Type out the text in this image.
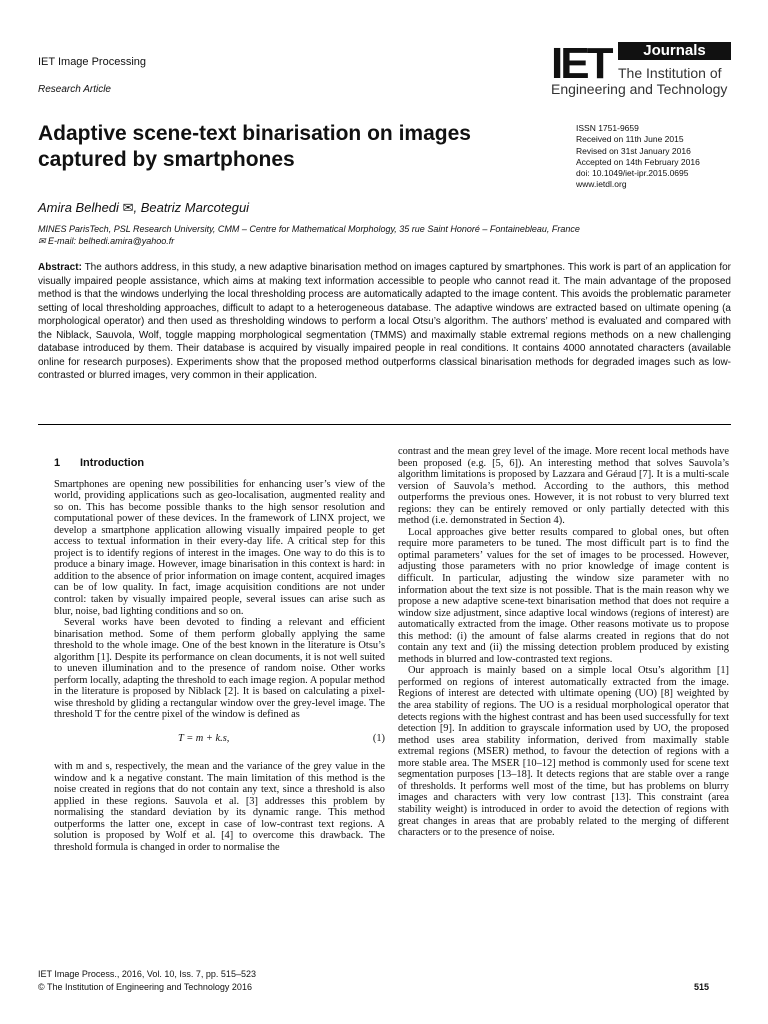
IET Image Processing
Research Article
IET	Journals
The Institution of
Engineering and Technology
Adaptive scene-text binarisation on images captured by smartphones
ISSN 1751-9659
Received on 11th June 2015
Revised on 31st January 2016
Accepted on 14th February 2016
doi: 10.1049/iet-ipr.2015.0695
www.ietdl.org
Amira Belhedi ✉, Beatriz Marcotegui
MINES ParisTech, PSL Research University, CMM – Centre for Mathematical Morphology, 35 rue Saint Honoré – Fontainebleau, France
✉ E-mail: belhedi.amira@yahoo.fr
Abstract: The authors address, in this study, a new adaptive binarisation method on images captured by smartphones. This work is part of an application for visually impaired people assistance, which aims at making text information accessible to people who cannot read it. The main advantage of the proposed method is that the windows underlying the local thresholding process are automatically adapted to the image content. This avoids the problematic parameter setting of local thresholding approaches, difficult to adapt to a heterogeneous database. The adaptive windows are extracted based on ultimate opening (a morphological operator) and then used as thresholding windows to perform a local Otsu’s algorithm. The authors’ method is evaluated and compared with the Niblack, Sauvola, Wolf, toggle mapping morphological segmentation (TMMS) and maximally stable extremal regions methods on a new challenging database introduced by them. Their database is acquired by visually impaired people in real conditions. It contains 4000 annotated characters (available online for research purposes). Experiments show that the proposed method outperforms classical binarisation methods for degraded images such as low-contrasted or blurred images, very common in their application.

1 Introduction

Smartphones are opening new possibilities for enhancing user’s view of the world, providing applications such as geo-localisation, augmented reality and so on. This has become possible thanks to the high sensor resolution and computational power of these devices. In the framework of LINX project, we develop a smartphone application allowing visually impaired people to get access to textual information in their every-day life. A critical step for this project is to identify regions of interest in the images. One way to do this is to produce a binary image. However, image binarisation in this context is hard: in addition to the absence of prior information on image content, acquired images can be of low quality. In fact, image acquisition conditions are not under control: taken by visually impaired people, several issues can arise such as blur, noise, bad lighting conditions and so on.

Several works have been devoted to finding a relevant and efficient binarisation method. Some of them perform globally applying the same threshold to the whole image. One of the best known in the literature is Otsu’s algorithm [1]. Despite its performance on clean documents, it is not well suited to uneven illumination and to the presence of random noise. Other works perform locally, adapting the threshold to each image region. A popular method in the literature is proposed by Niblack [2]. It is based on calculating a pixel-wise threshold by gliding a rectangular window over the grey-level image. The threshold T for the centre pixel of the window is defined as

T = m + k.s,	(1)

with m and s, respectively, the mean and the variance of the grey value in the window and k a negative constant. The main limitation of this method is the noise created in regions that do not contain any text, since a threshold is also applied in these regions. Sauvola et al. [3] addresses this problem by normalising the standard deviation by its dynamic range. This method outperforms the latter one, except in case of low-contrast text regions. A solution is proposed by Wolf et al. [4] to overcome this drawback. The threshold formula is changed in order to normalise the

contrast and the mean grey level of the image. More recent local methods have been proposed (e.g. [5, 6]). An interesting method that solves Sauvola’s algorithm limitations is proposed by Lazzara and Géraud [7]. It is a multi-scale version of Sauvola’s method. According to the authors, this method outperforms the previous ones. However, it is not robust to very blurred text regions: they can be entirely removed or only partially detected with this method (i.e. demonstrated in Section 4).

Local approaches give better results compared to global ones, but often require more parameters to be tuned. The most difficult part is to find the optimal parameters’ values for the set of images to be processed. However, adjusting those parameters with no prior knowledge of image content is difficult. In particular, adjusting the window size parameter with no information about the text size is not possible. That is the main reason why we propose a new adaptive scene-text binarisation method that does not require a window size adjustment, since adaptive local windows (regions of interest) are automatically extracted from the image. Other reasons motivate us to propose this method: (i) the amount of false alarms created in regions that do not contain any text and (ii) the missing detection problem produced by existing methods in blurred and low-contrasted text regions.

Our approach is mainly based on a simple local Otsu’s algorithm [1] performed on regions of interest automatically extracted from the image. Regions of interest are detected with ultimate opening (UO) [8] weighted by the area stability of regions. The UO is a residual morphological operator that detects regions with the highest contrast and has been used successfully for text detection [9]. In addition to grayscale information used by UO, the proposed method uses area stability information, derived from maximally stable extremal regions (MSER) method, to favour the detection of regions with a more stable area. The MSER [10–12] method is commonly used for scene text segmentation purposes [13–18]. It detects regions that are stable over a range of thresholds. It performs well most of the time, but has problems on blurry images and characters with very low contrast [13]. This constraint (area stability weight) is introduced in order to avoid the detection of regions with great changes in areas that are probably related to the merging of different characters or to the presence of noise.

IET Image Process., 2016, Vol. 10, Iss. 7, pp. 515–523
© The Institution of Engineering and Technology 2016	515
